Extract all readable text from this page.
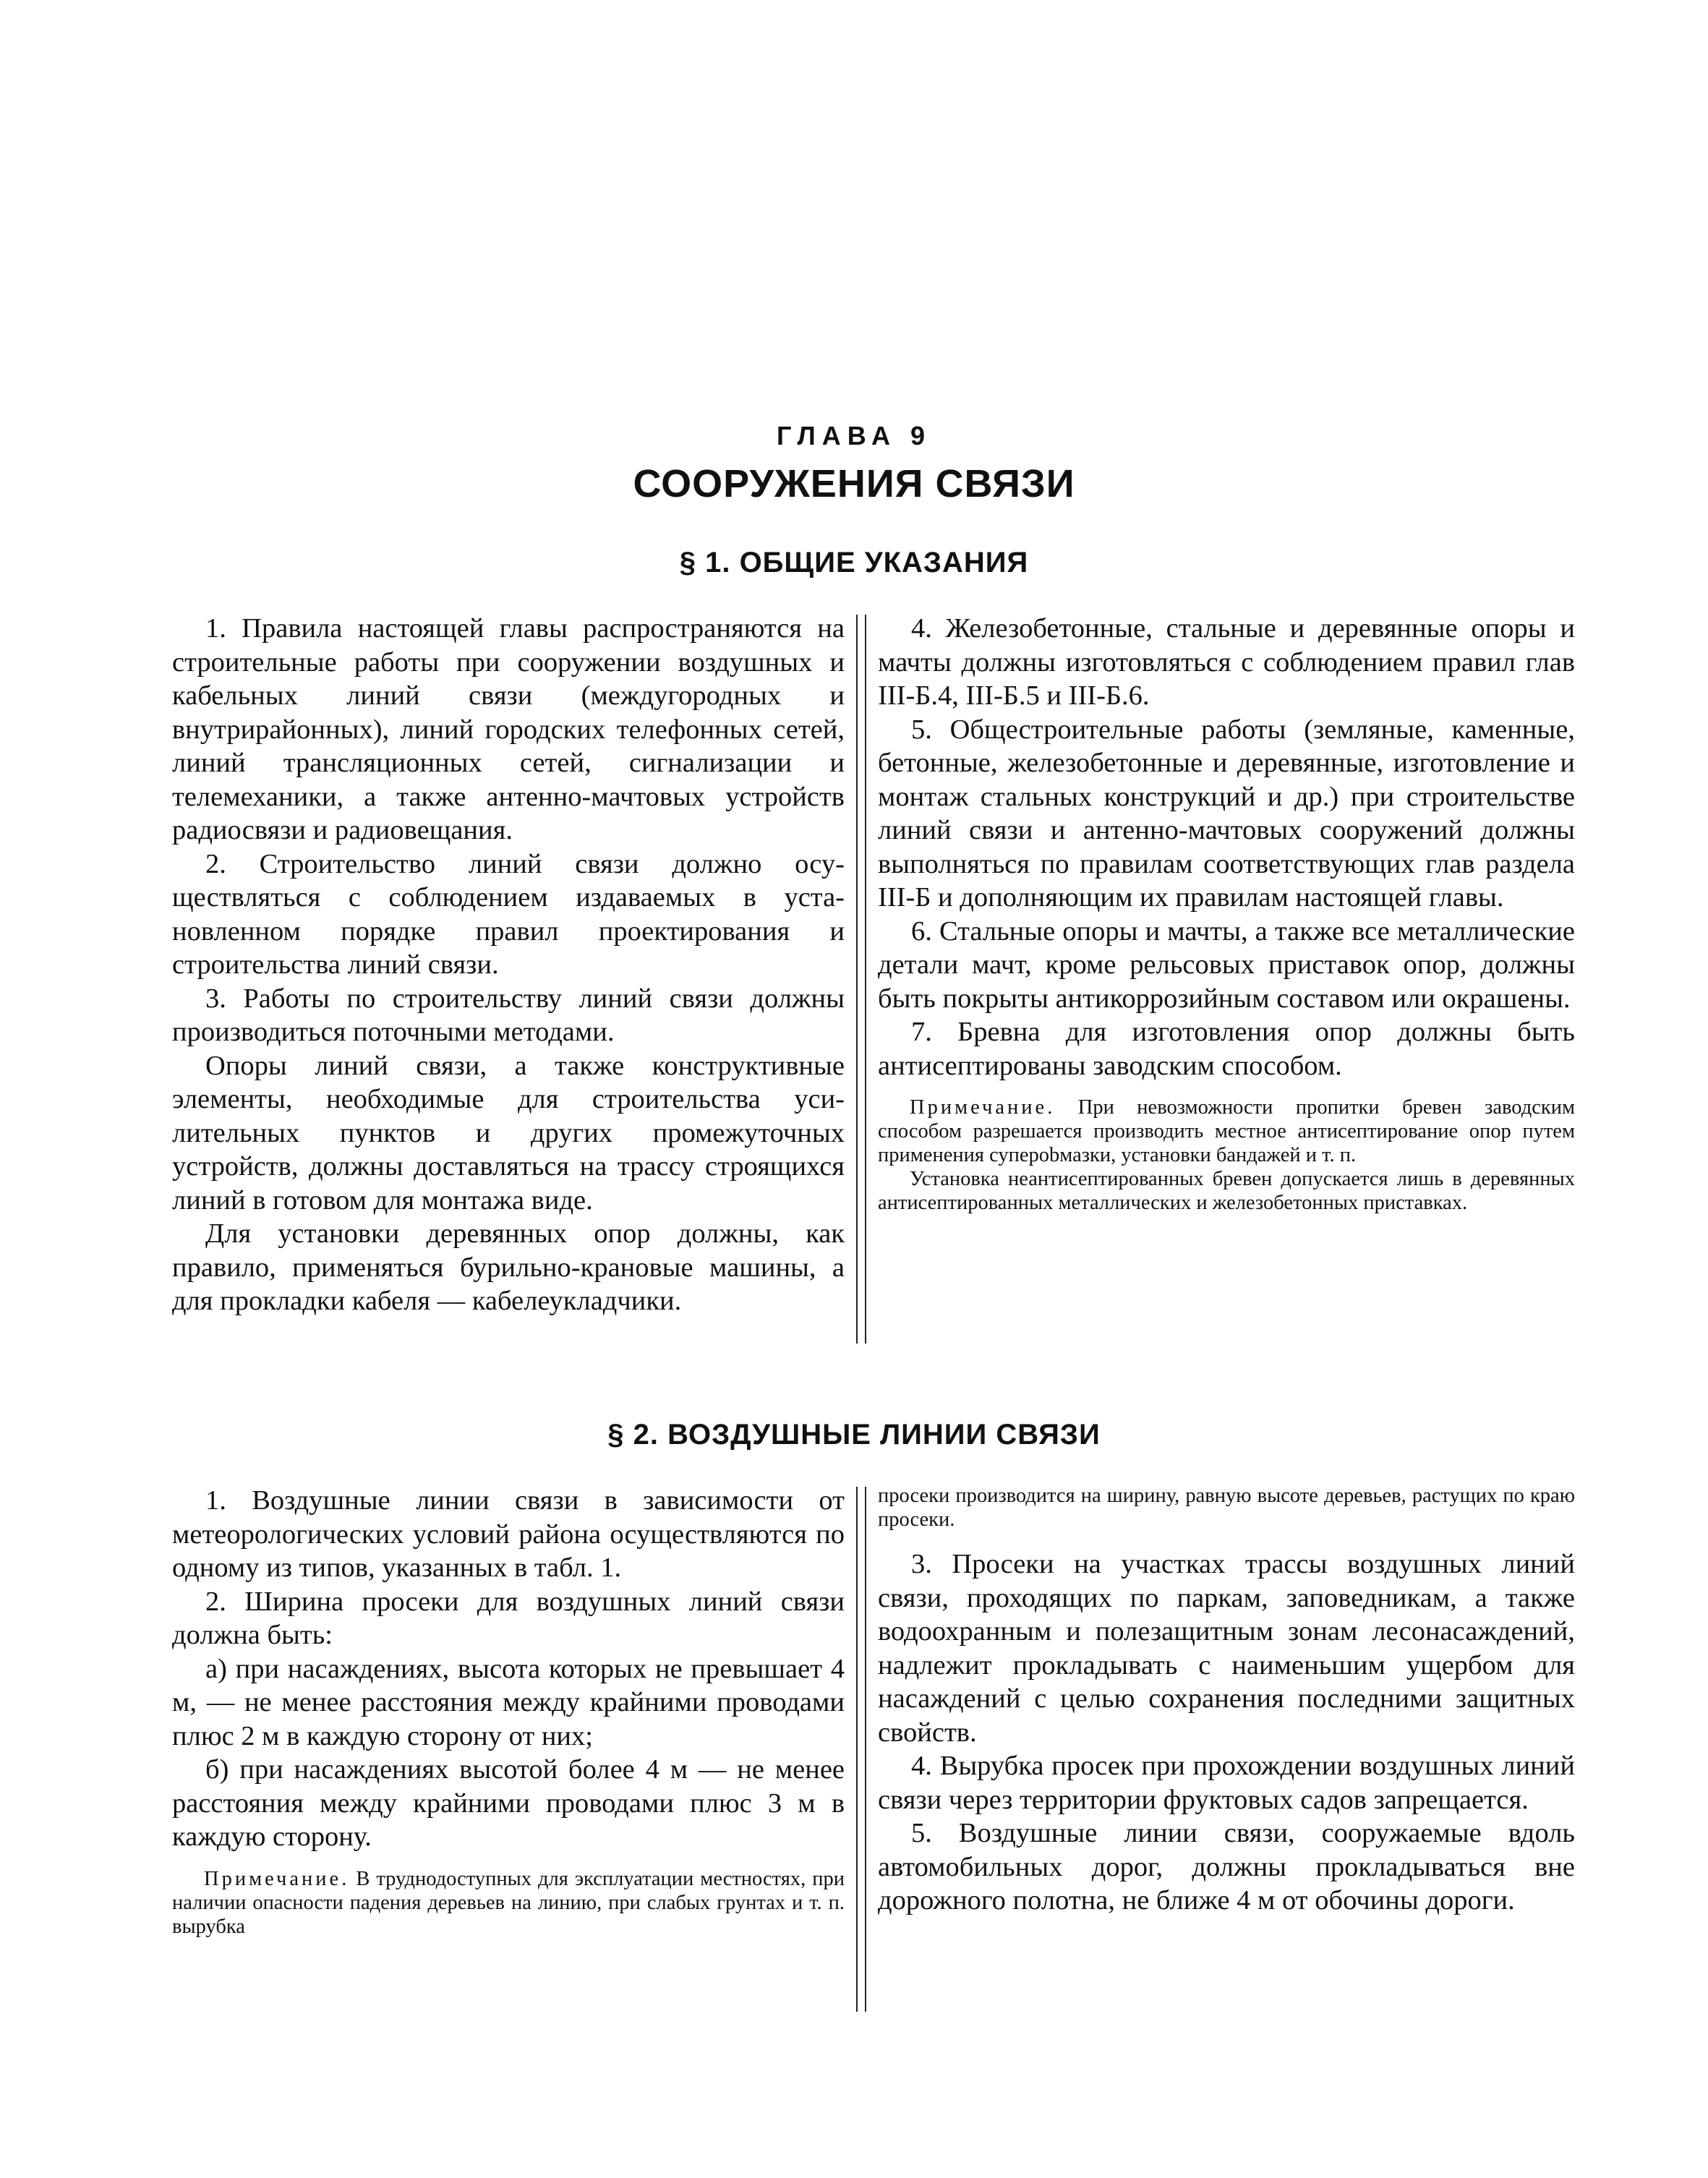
ГЛАВА 9
СООРУЖЕНИЯ СВЯЗИ
§ 1. ОБЩИЕ УКАЗАНИЯ

1. Правила настоящей главы распространяются на строительные работы при сооружении воздушных и кабельных линий связи (междугородных и внутрирайонных), линий городских телефонных сетей, линий трансляционных сетей, сигнализации и телемеханики, а также антенно-мачтовых устройств радиосвязи и радиовещания.

2. Строительство линий связи должно осуществляться с соблюдением издаваемых в установленном порядке правил проектирования и строительства линий связи.

3. Работы по строительству линий связи должны производиться поточными методами.

Опоры линий связи, а также конструктивные элементы, необходимые для строительства усилительных пунктов и других промежуточных устройств, должны доставляться на трассу строящихся линий в готовом для монтажа виде.

Для установки деревянных опор должны, как правило, применяться бурильно-крановые машины, а для прокладки кабеля — кабелеукладчики.

4. Железобетонные, стальные и деревянные опоры и мачты должны изготовляться с соблюдением правил глав III-Б.4, III-Б.5 и III-Б.6.

5. Общестроительные работы (земляные, каменные, бетонные, железобетонные и деревянные, изготовление и монтаж стальных конструкций и др.) при строительстве линий связи и антенно-мачтовых сооружений должны выполняться по правилам соответствующих глав раздела III-Б и дополняющим их правилам настоящей главы.

6. Стальные опоры и мачты, а также все металлические детали мачт, кроме рельсовых приставок опор, должны быть покрыты антикоррозийным составом или окрашены.

7. Бревна для изготовления опор должны быть антисептированы заводским способом.

Примечание. При невозможности пропитки бревен заводским способом разрешается производить местное антисептирование опор путем применения суперobмазки, установки бандажей и т. п.

Установка неантисептированных бревен допускается лишь в деревянных антисептированных металлических и железобетонных приставках.

§ 2. ВОЗДУШНЫЕ ЛИНИИ СВЯЗИ

1. Воздушные линии связи в зависимости от метеорологических условий района осуществляются по одному из типов, указанных в табл. 1.

2. Ширина просеки для воздушных линий связи должна быть:

а) при насаждениях, высота которых не превышает 4 м, — не менее расстояния между крайними проводами плюс 2 м в каждую сторону от них;

б) при насаждениях высотой более 4 м — не менее расстояния между крайними проводами плюс 3 м в каждую сторону.

Примечание. В труднодоступных для эксплуатации местностях, при наличии опасности падения деревьев на линию, при слабых грунтах и т. п. вырубка

просеки производится на ширину, равную высоте деревьев, растущих по краю просеки.

3. Просеки на участках трассы воздушных линий связи, проходящих по паркам, заповедникам, а также водоохранным и полезащитным зонам лесонасаждений, надлежит прокладывать с наименьшим ущербом для насаждений с целью сохранения последними защитных свойств.

4. Вырубка просек при прохождении воздушных линий связи через территории фруктовых садов запрещается.

5. Воздушные линии связи, сооружаемые вдоль автомобильных дорог, должны прокладываться вне дорожного полотна, не ближе 4 м от обочины дороги.
